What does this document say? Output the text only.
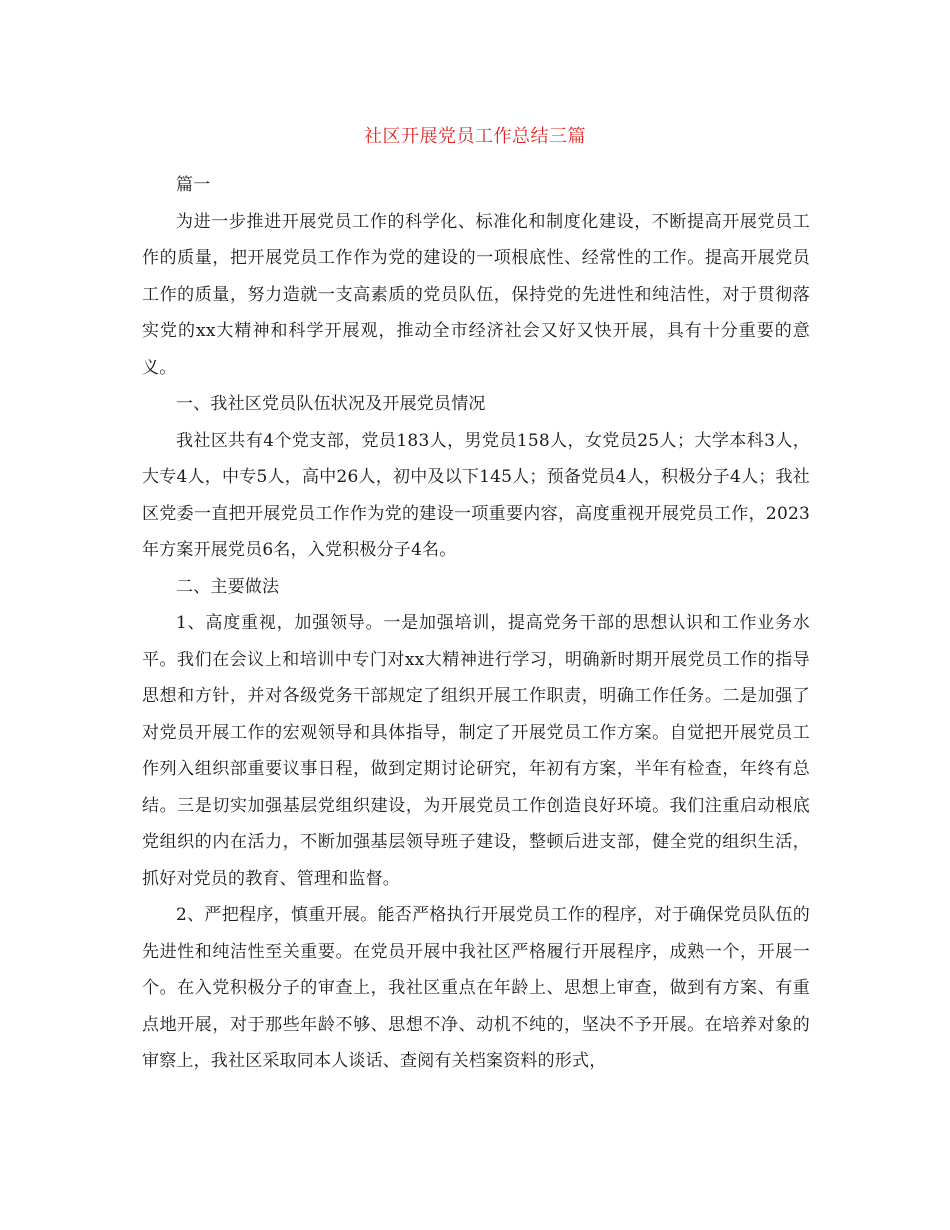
社区开展党员工作总结三篇

篇一

为进一步推进开展党员工作的科学化、标准化和制度化建设，不断提高开展党员工作的质量，把开展党员工作作为党的建设的一项根底性、经常性的工作。提高开展党员工作的质量，努力造就一支高素质的党员队伍，保持党的先进性和纯洁性，对于贯彻落实党的xx大精神和科学开展观，推动全市经济社会又好又快开展，具有十分重要的意义。

一、我社区党员队伍状况及开展党员情况

我社区共有4个党支部，党员183人，男党员158人，女党员25人；大学本科3人，大专4人，中专5人，高中26人，初中及以下145人；预备党员4人，积极分子4人；我社区党委一直把开展党员工作作为党的建设一项重要内容，高度重视开展党员工作，2023年方案开展党员6名，入党积极分子4名。

二、主要做法

1、高度重视，加强领导。一是加强培训，提高党务干部的思想认识和工作业务水平。我们在会议上和培训中专门对xx大精神进行学习，明确新时期开展党员工作的指导思想和方针，并对各级党务干部规定了组织开展工作职责，明确工作任务。二是加强了对党员开展工作的宏观领导和具体指导，制定了开展党员工作方案。自觉把开展党员工作列入组织部重要议事日程，做到定期讨论研究，年初有方案，半年有检查，年终有总结。三是切实加强基层党组织建设，为开展党员工作创造良好环境。我们注重启动根底党组织的内在活力，不断加强基层领导班子建设，整顿后进支部，健全党的组织生活，抓好对党员的教育、管理和监督。

2、严把程序，慎重开展。能否严格执行开展党员工作的程序，对于确保党员队伍的先进性和纯洁性至关重要。在党员开展中我社区严格履行开展程序，成熟一个，开展一个。在入党积极分子的审查上，我社区重点在年龄上、思想上审查，做到有方案、有重点地开展，对于那些年龄不够、思想不净、动机不纯的，坚决不予开展。在培养对象的审察上，我社区采取同本人谈话、查阅有关档案资料的形式，
